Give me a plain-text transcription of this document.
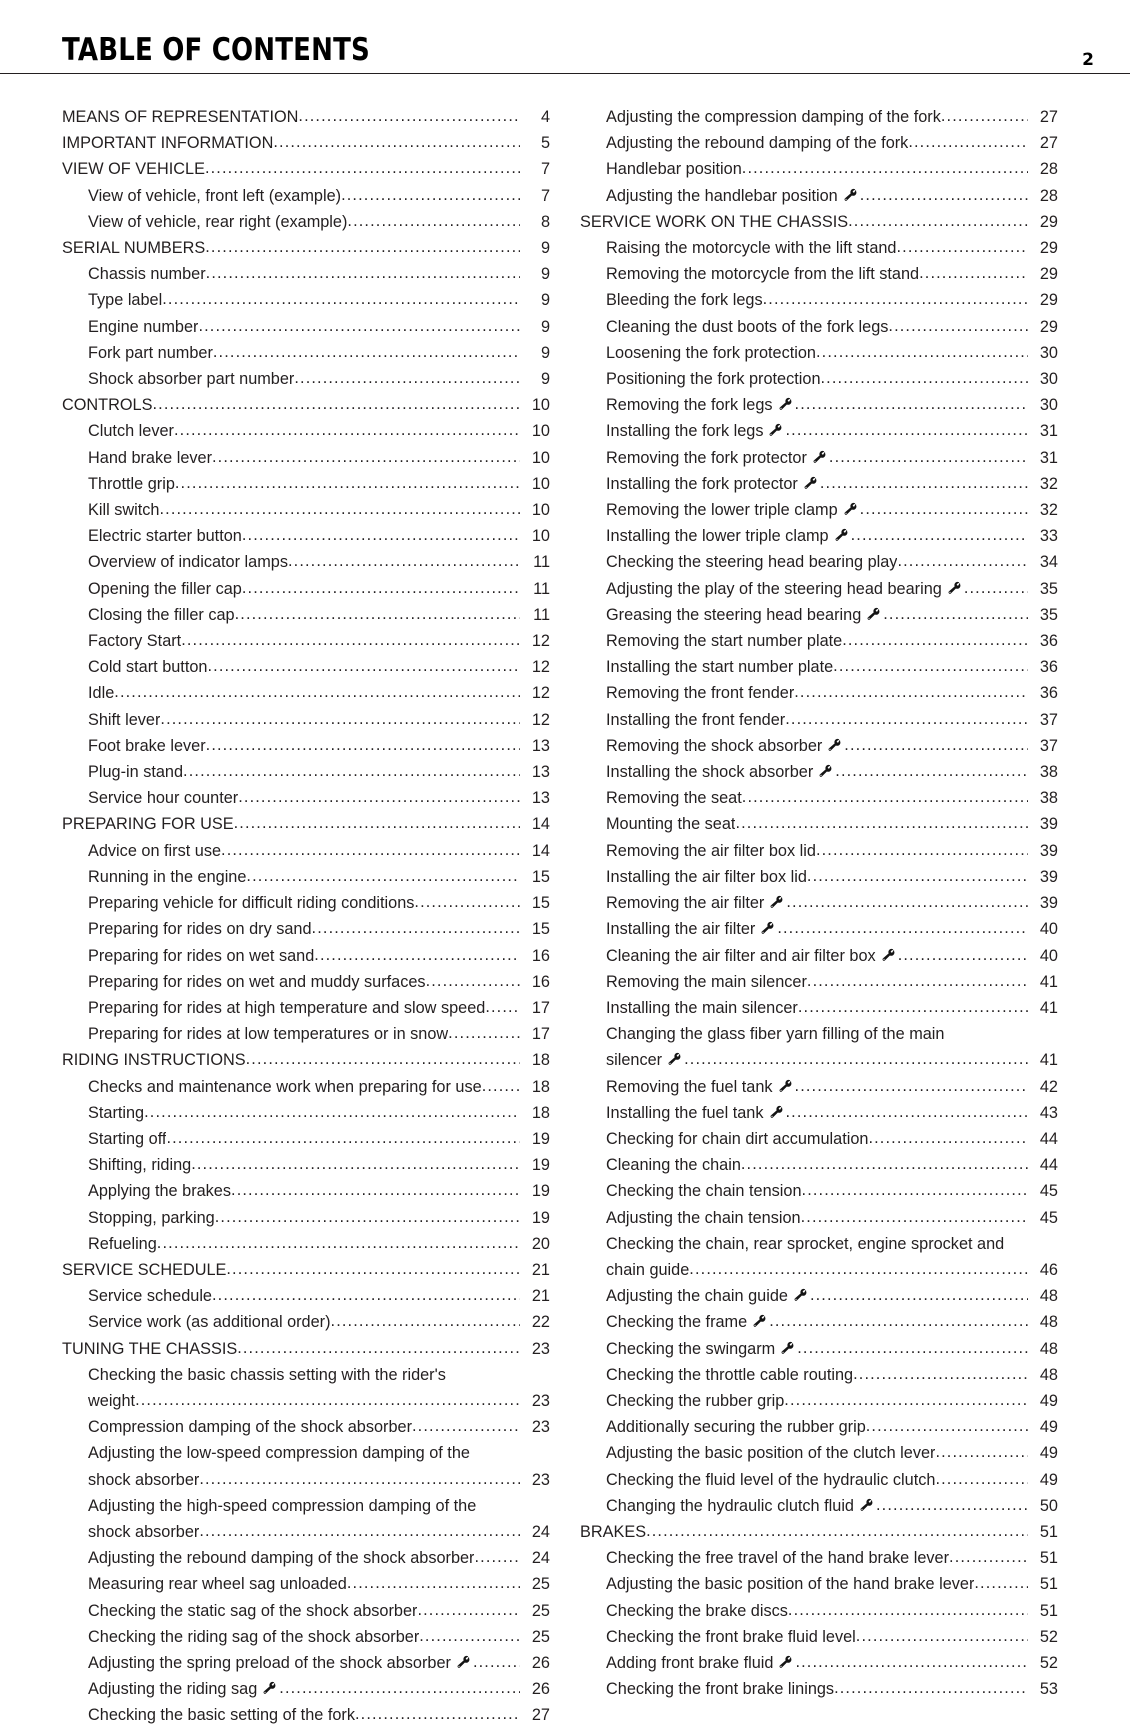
TABLE OF CONTENTS	2
MEANS OF REPRESENTATION .....	4
IMPORTANT INFORMATION .....	5
VIEW OF VEHICLE .....	7
View of vehicle, front left (example) .....	7
View of vehicle, rear right (example) .....	8
SERIAL NUMBERS .....	9
Chassis number .....	9
Type label .....	9
Engine number .....	9
Fork part number .....	9
Shock absorber part number .....	9
CONTROLS .....	10
Clutch lever .....	10
Hand brake lever .....	10
Throttle grip .....	10
Kill switch .....	10
Electric starter button .....	10
Overview of indicator lamps .....	11
Opening the filler cap .....	11
Closing the filler cap .....	11
Factory Start .....	12
Cold start button .....	12
Idle .....	12
Shift lever .....	12
Foot brake lever .....	13
Plug-in stand .....	13
Service hour counter .....	13
PREPARING FOR USE .....	14
Advice on first use .....	14
Running in the engine .....	15
Preparing vehicle for difficult riding conditions .....	15
Preparing for rides on dry sand .....	15
Preparing for rides on wet sand .....	16
Preparing for rides on wet and muddy surfaces .....	16
Preparing for rides at high temperature and slow speed .....	17
Preparing for rides at low temperatures or in snow .....	17
RIDING INSTRUCTIONS .....	18
Checks and maintenance work when preparing for use .....	18
Starting .....	18
Starting off .....	19
Shifting, riding .....	19
Applying the brakes .....	19
Stopping, parking .....	19
Refueling .....	20
SERVICE SCHEDULE .....	21
Service schedule .....	21
Service work (as additional order) .....	22
TUNING THE CHASSIS .....	23
Checking the basic chassis setting with the rider's
weight .....	23
Compression damping of the shock absorber .....	23
Adjusting the low-speed compression damping of the
shock absorber .....	23
Adjusting the high-speed compression damping of the
shock absorber .....	24
Adjusting the rebound damping of the shock absorber .....	24
Measuring rear wheel sag unloaded .....	25
Checking the static sag of the shock absorber .....	25
Checking the riding sag of the shock absorber .....	25
Adjusting the spring preload of the shock absorber .....	26
Adjusting the riding sag .....	26
Checking the basic setting of the fork .....	27
Adjusting the compression damping of the fork .....	27
Adjusting the rebound damping of the fork .....	27
Handlebar position .....	28
Adjusting the handlebar position .....	28
SERVICE WORK ON THE CHASSIS .....	29
Raising the motorcycle with the lift stand .....	29
Removing the motorcycle from the lift stand .....	29
Bleeding the fork legs .....	29
Cleaning the dust boots of the fork legs .....	29
Loosening the fork protection .....	30
Positioning the fork protection .....	30
Removing the fork legs .....	30
Installing the fork legs .....	31
Removing the fork protector .....	31
Installing the fork protector .....	32
Removing the lower triple clamp .....	32
Installing the lower triple clamp .....	33
Checking the steering head bearing play .....	34
Adjusting the play of the steering head bearing .....	35
Greasing the steering head bearing .....	35
Removing the start number plate .....	36
Installing the start number plate .....	36
Removing the front fender .....	36
Installing the front fender .....	37
Removing the shock absorber .....	37
Installing the shock absorber .....	38
Removing the seat .....	38
Mounting the seat .....	39
Removing the air filter box lid .....	39
Installing the air filter box lid .....	39
Removing the air filter .....	39
Installing the air filter .....	40
Cleaning the air filter and air filter box .....	40
Removing the main silencer .....	41
Installing the main silencer .....	41
Changing the glass fiber yarn filling of the main
silencer .....	41
Removing the fuel tank .....	42
Installing the fuel tank .....	43
Checking for chain dirt accumulation .....	44
Cleaning the chain .....	44
Checking the chain tension .....	45
Adjusting the chain tension .....	45
Checking the chain, rear sprocket, engine sprocket and
chain guide .....	46
Adjusting the chain guide .....	48
Checking the frame .....	48
Checking the swingarm .....	48
Checking the throttle cable routing .....	48
Checking the rubber grip .....	49
Additionally securing the rubber grip .....	49
Adjusting the basic position of the clutch lever .....	49
Checking the fluid level of the hydraulic clutch .....	49
Changing the hydraulic clutch fluid .....	50
BRAKES .....	51
Checking the free travel of the hand brake lever .....	51
Adjusting the basic position of the hand brake lever .....	51
Checking the brake discs .....	51
Checking the front brake fluid level .....	52
Adding front brake fluid .....	52
Checking the front brake linings .....	53
